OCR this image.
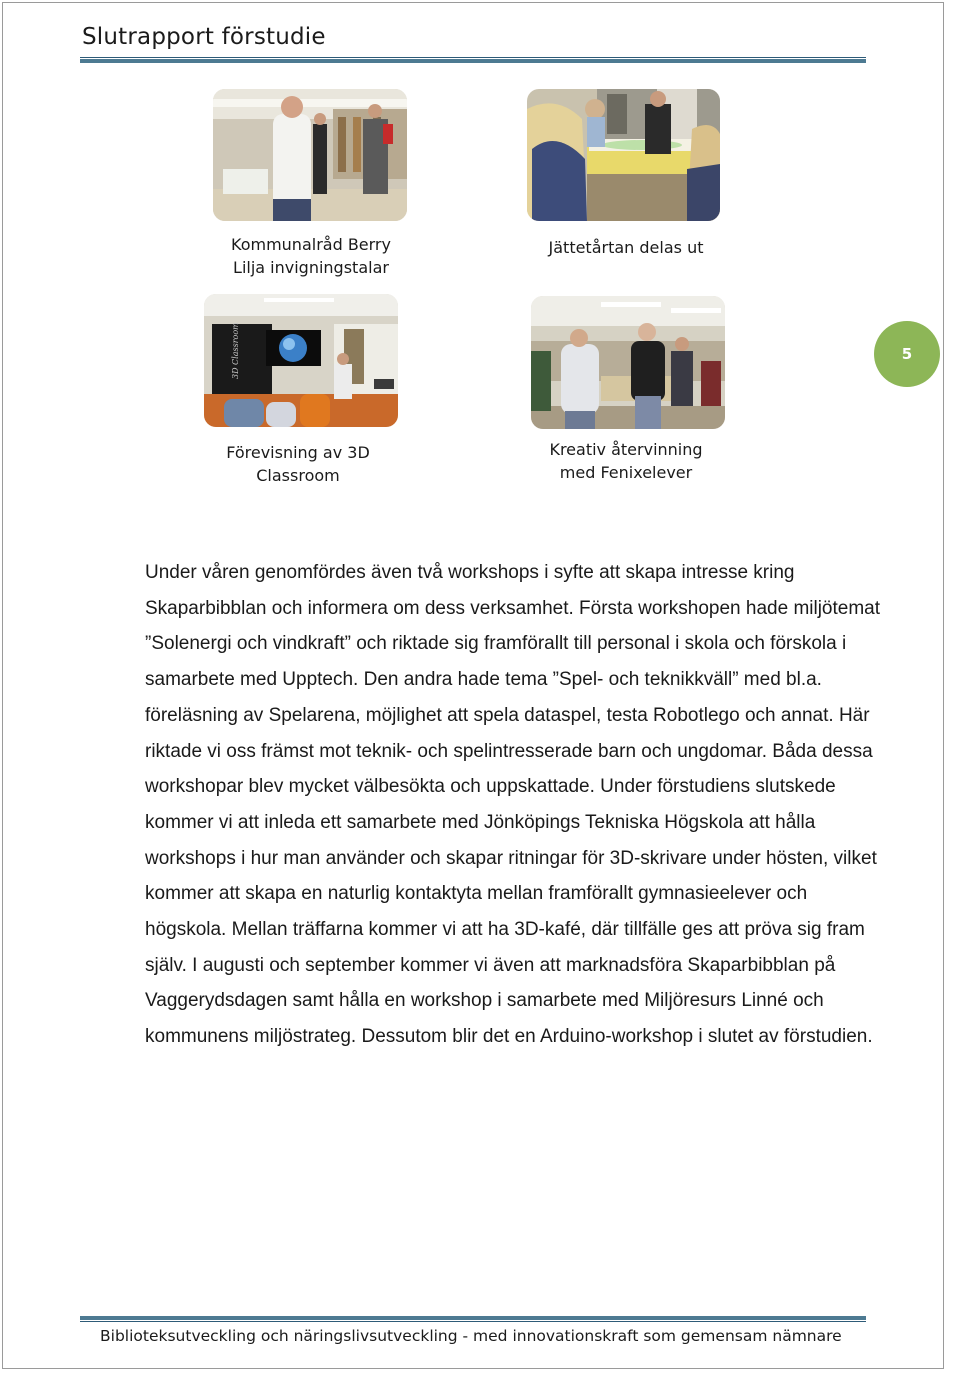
Slutrapport förstudie
Kommunalråd Berry
Lilja invigningstalar
Jättetårtan delas ut
3D Classroom
Förevisning av 3D
Classroom
Kreativ återvinning
med Fenixelever
5

Under våren genomfördes även två workshops i syfte att skapa intresse kring Skaparbibblan och informera om dess verksamhet. Första workshopen hade miljötemat ”Solenergi och vindkraft” och riktade sig framförallt till personal i skola och förskola i samarbete med Upptech. Den andra hade tema ”Spel- och teknikkväll” med bl.a. föreläsning av Spelarena, möjlighet att spela dataspel, testa Robotlego och annat. Här riktade vi oss främst mot teknik- och spelintresserade barn och ungdomar. Båda dessa workshopar blev mycket välbesökta och uppskattade. Under förstudiens slutskede kommer vi att inleda ett samarbete med Jönköpings Tekniska Högskola att hålla workshops i hur man använder och skapar ritningar för 3D-skrivare under hösten, vilket kommer att skapa en naturlig kontaktyta mellan framförallt gymnasieelever och högskola. Mellan träffarna kommer vi att ha 3D-kafé, där tillfälle ges att pröva sig fram själv. I augusti och september kommer vi även att marknadsföra Skaparbibblan på Vaggerydsdagen samt hålla en workshop i samarbete med Miljöresurs Linné och kommunens miljöstrateg. Dessutom blir det en Arduino-workshop i slutet av förstudien.

Biblioteksutveckling och näringslivsutveckling - med innovationskraft som gemensam nämnare
